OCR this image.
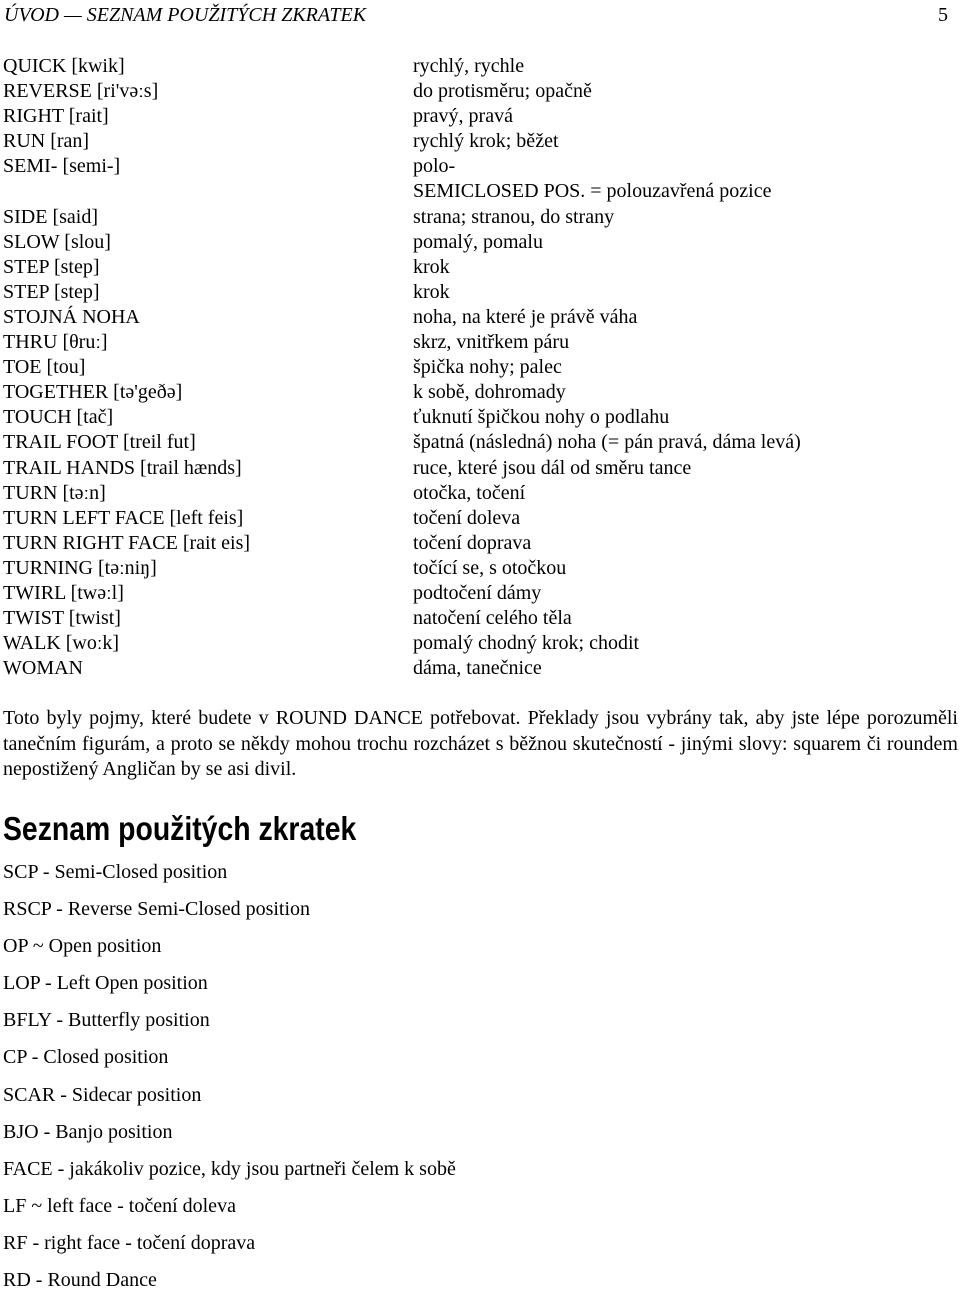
ÚVOD — SEZNAM POUŽITÝCH ZKRATEK	5
QUICK [kwik]	rychlý, rychle
REVERSE [ri'vəːs]	do protisměru; opačně
RIGHT [rait]	pravý, pravá
RUN [ran]	rychlý krok; běžet
SEMI- [semi-]	polo-
SEMICLOSED POS. = polouzavřená pozice
SIDE [said]	strana; stranou, do strany
SLOW [slou]	pomalý, pomalu
STEP [step]	krok
STEP [step]	krok
STOJNÁ NOHA	noha, na které je právě váha
THRU [θruː]	skrz, vnitřkem páru
TOE [tou]	špička nohy; palec
TOGETHER [tə'geðə]	k sobě, dohromady
TOUCH [tač]	ťuknutí špičkou nohy o podlahu
TRAIL FOOT [treil fut]	špatná (následná) noha (= pán pravá, dáma levá)
TRAIL HANDS [trail hænds]	ruce, které jsou dál od směru tance
TURN [təːn]	otočka, točení
TURN LEFT FACE [left feis]	točení doleva
TURN RIGHT FACE [rait eis]	točení doprava
TURNING [təːniŋ]	točící se, s otočkou
TWIRL [twəːl]	podtočení dámy
TWIST [twist]	natočení celého těla
WALK [woːk]	pomalý chodný krok; chodit
WOMAN	dáma, tanečnice

Toto byly pojmy, které budete v ROUND DANCE potřebovat. Překlady jsou vybrány tak, aby jste lépe porozuměli tanečním figurám, a proto se někdy mohou trochu rozcházet s běžnou skutečností - jinými slovy: squarem či roundem nepostižený Angličan by se asi divil.

Seznam použitých zkratek
SCP - Semi-Closed position
RSCP - Reverse Semi-Closed position
OP ~ Open position
LOP - Left Open position
BFLY - Butterfly position
CP - Closed position
SCAR - Sidecar position
BJO - Banjo position
FACE - jakákoliv pozice, kdy jsou partneři čelem k sobě
LF ~ left face - točení doleva
RF - right face - točení doprava
RD - Round Dance
